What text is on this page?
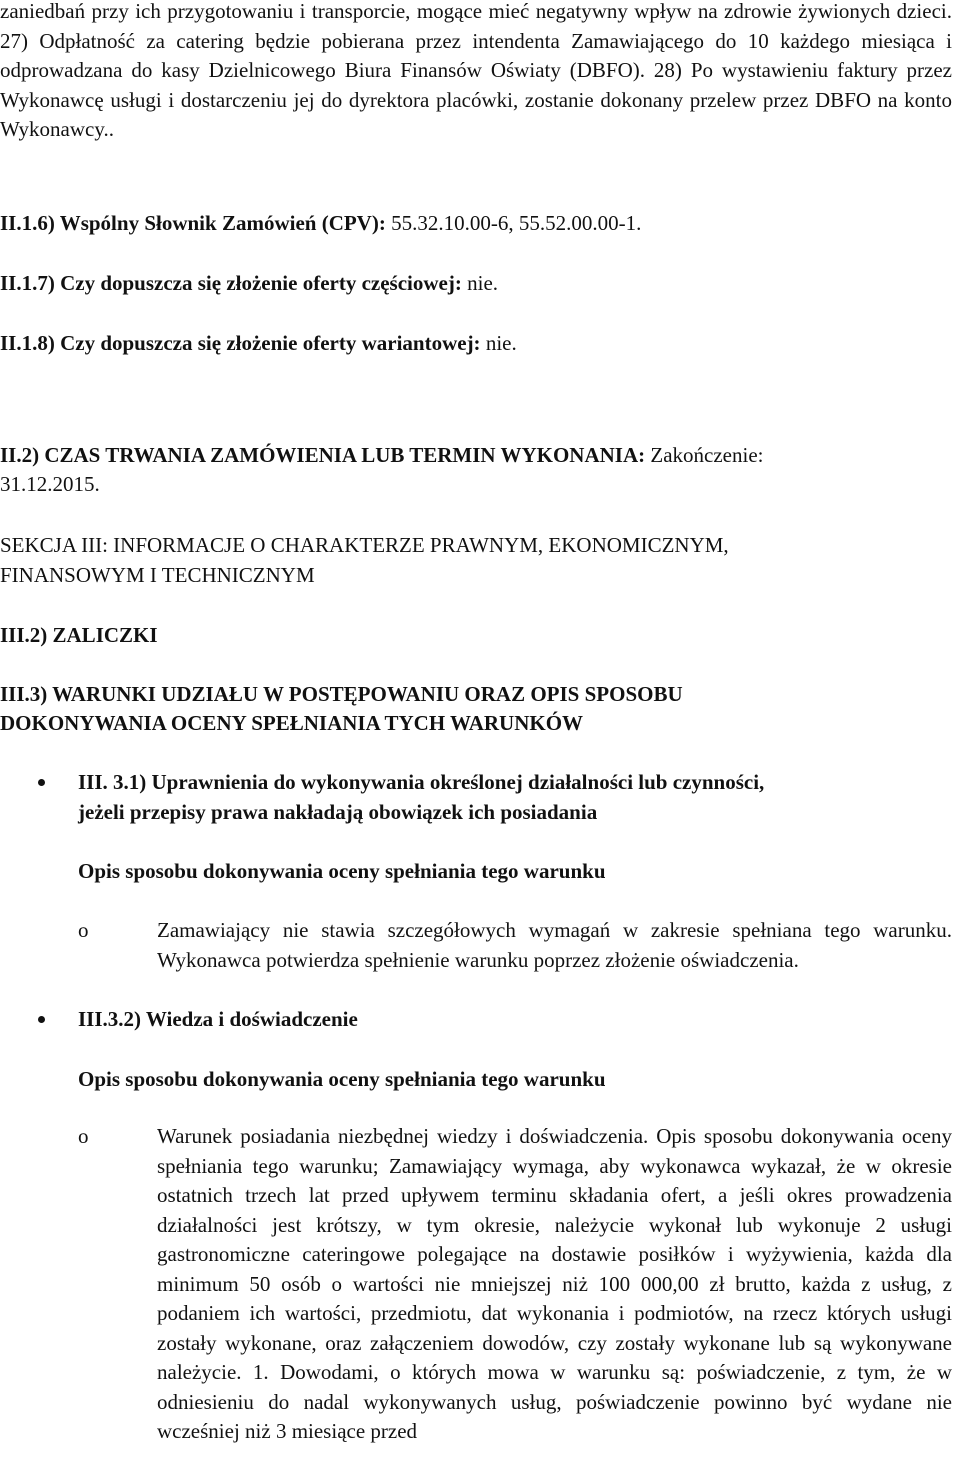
zaniedbań przy ich przygotowaniu i transporcie, mogące mieć negatywny wpływ na zdrowie żywionych dzieci. 27) Odpłatność za catering będzie pobierana przez intendenta Zamawiającego do 10 każdego miesiąca i odprowadzana do kasy Dzielnicowego Biura Finansów Oświaty (DBFO). 28) Po wystawieniu faktury przez Wykonawcę usługi i dostarczeniu jej do dyrektora placówki, zostanie dokonany przelew przez DBFO na konto Wykonawcy..

II.1.6) Wspólny Słownik Zamówień (CPV): 55.32.10.00-6, 55.52.00.00-1.
II.1.7) Czy dopuszcza się złożenie oferty częściowej: nie.
II.1.8) Czy dopuszcza się złożenie oferty wariantowej: nie.
II.2) CZAS TRWANIA ZAMÓWIENIA LUB TERMIN WYKONANIA: Zakończenie:
31.12.2015.
SEKCJA III: INFORMACJE O CHARAKTERZE PRAWNYM, EKONOMICZNYM,
FINANSOWYM I TECHNICZNYM
III.2) ZALICZKI
III.3) WARUNKI UDZIAŁU W POSTĘPOWANIU ORAZ OPIS SPOSOBU
DOKONYWANIA OCENY SPEŁNIANIA TYCH WARUNKÓW
III. 3.1) Uprawnienia do wykonywania określonej działalności lub czynności,
jeżeli przepisy prawa nakładają obowiązek ich posiadania
Opis sposobu dokonywania oceny spełniania tego warunku
o	Zamawiający nie stawia szczegółowych wymagań w zakresie spełniana tego warunku. Wykonawca potwierdza spełnienie warunku poprzez złożenie oświadczenia.

III.3.2) Wiedza i doświadczenie
Opis sposobu dokonywania oceny spełniania tego warunku
o	Warunek posiadania niezbędnej wiedzy i doświadczenia. Opis sposobu dokonywania oceny spełniania tego warunku; Zamawiający wymaga, aby wykonawca wykazał, że w okresie ostatnich trzech lat przed upływem terminu składania ofert, a jeśli okres prowadzenia działalności jest krótszy, w tym okresie, należycie wykonał lub wykonuje 2 usługi gastronomiczne cateringowe polegające na dostawie posiłków i wyżywienia, każda dla minimum 50 osób o wartości nie mniejszej niż 100 000,00 zł brutto, każda z usług, z podaniem ich wartości, przedmiotu, dat wykonania i podmiotów, na rzecz których usługi zostały wykonane, oraz załączeniem dowodów, czy zostały wykonane lub są wykonywane należycie. 1. Dowodami, o których mowa w warunku są: poświadczenie, z tym, że w odniesieniu do nadal wykonywanych usług, poświadczenie powinno być wydane nie wcześniej niż 3 miesiące przed
